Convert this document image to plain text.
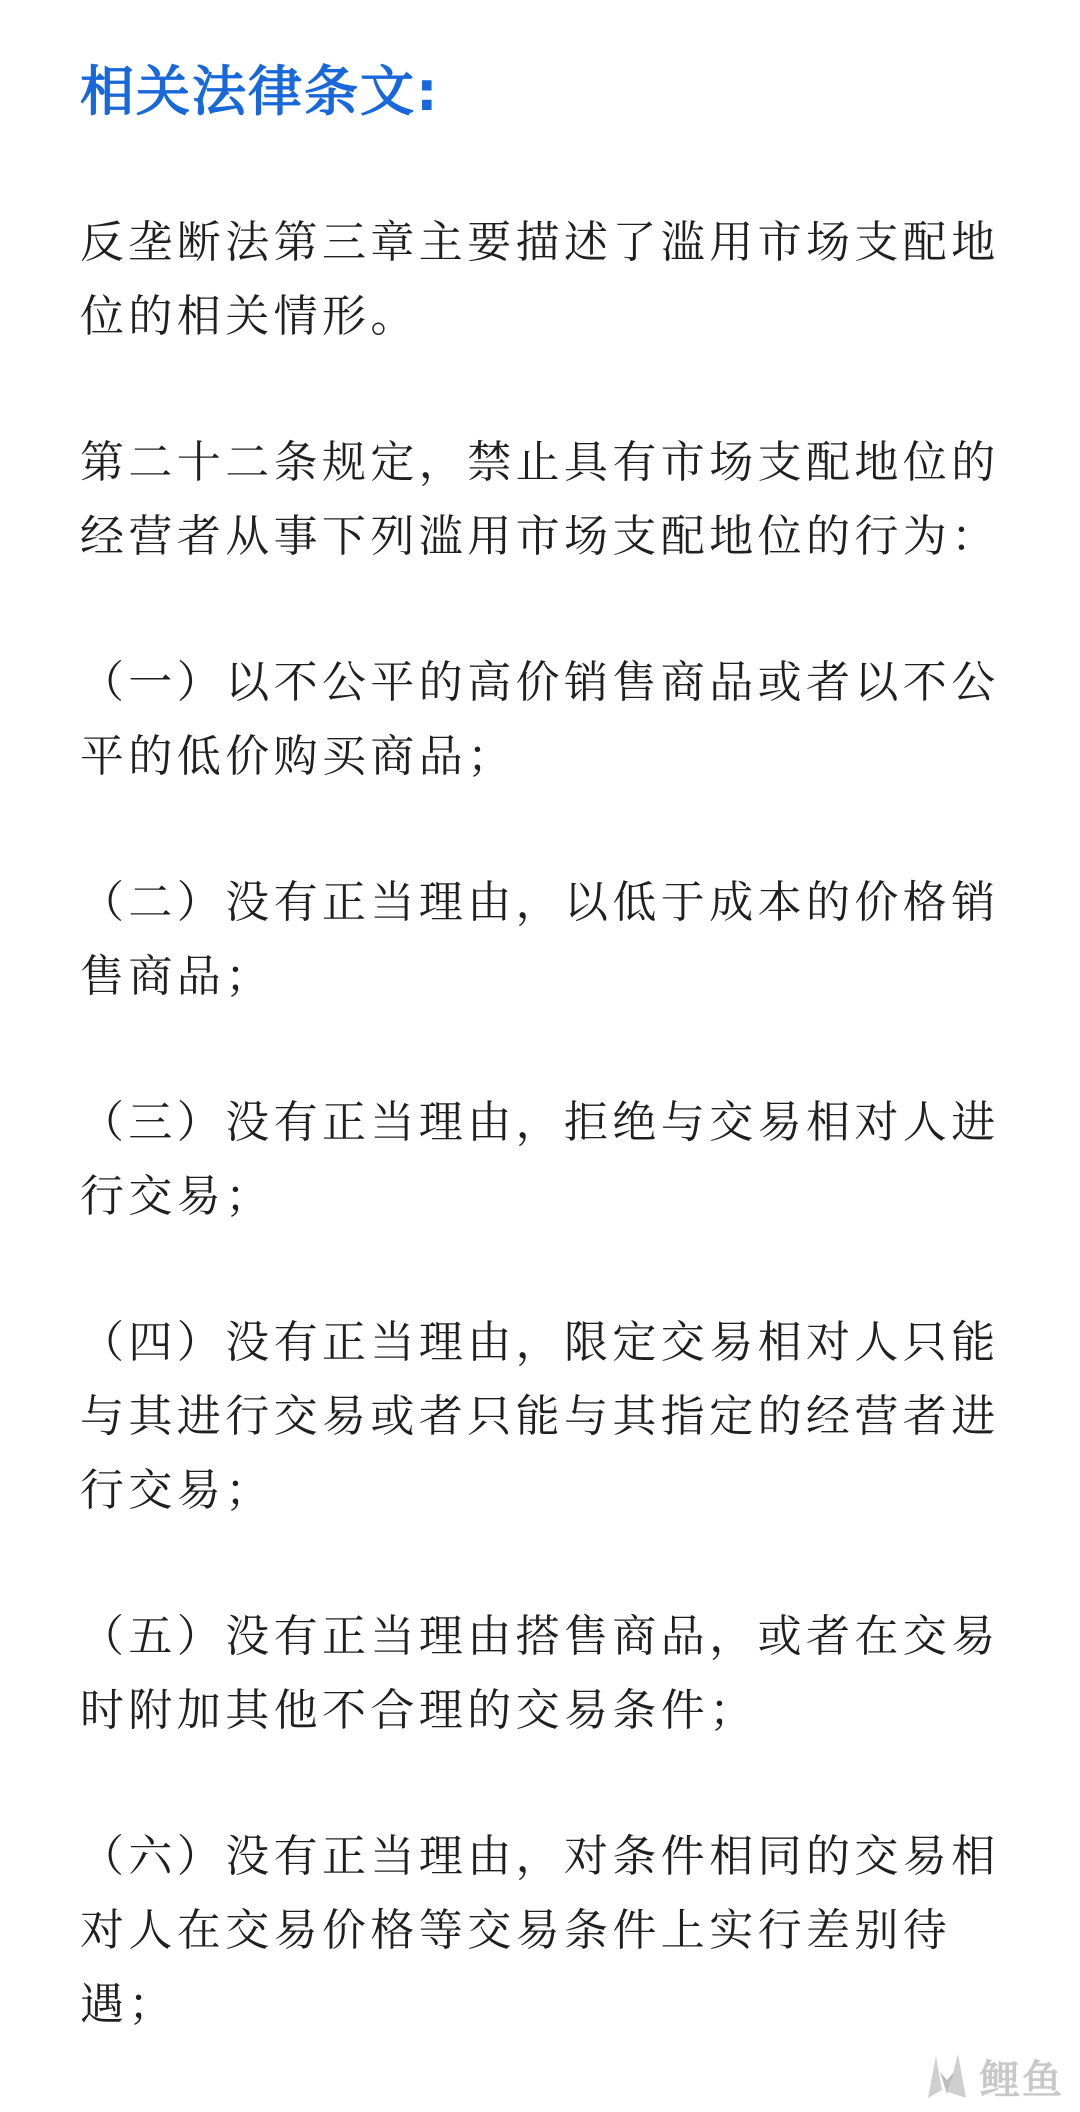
相关法律条文:

反垄断法第三章主要描述了滥用市场支配地位的相关情形。

第二十二条规定，禁止具有市场支配地位的经营者从事下列滥用市场支配地位的行为：

（一）以不公平的高价销售商品或者以不公平的低价购买商品；

（二）没有正当理由，以低于成本的价格销售商品；

（三）没有正当理由，拒绝与交易相对人进行交易；

（四）没有正当理由，限定交易相对人只能与其进行交易或者只能与其指定的经营者进行交易；

（五）没有正当理由搭售商品，或者在交易时附加其他不合理的交易条件；

（六）没有正当理由，对条件相同的交易相对人在交易价格等交易条件上实行差别待遇；

鲤鱼
